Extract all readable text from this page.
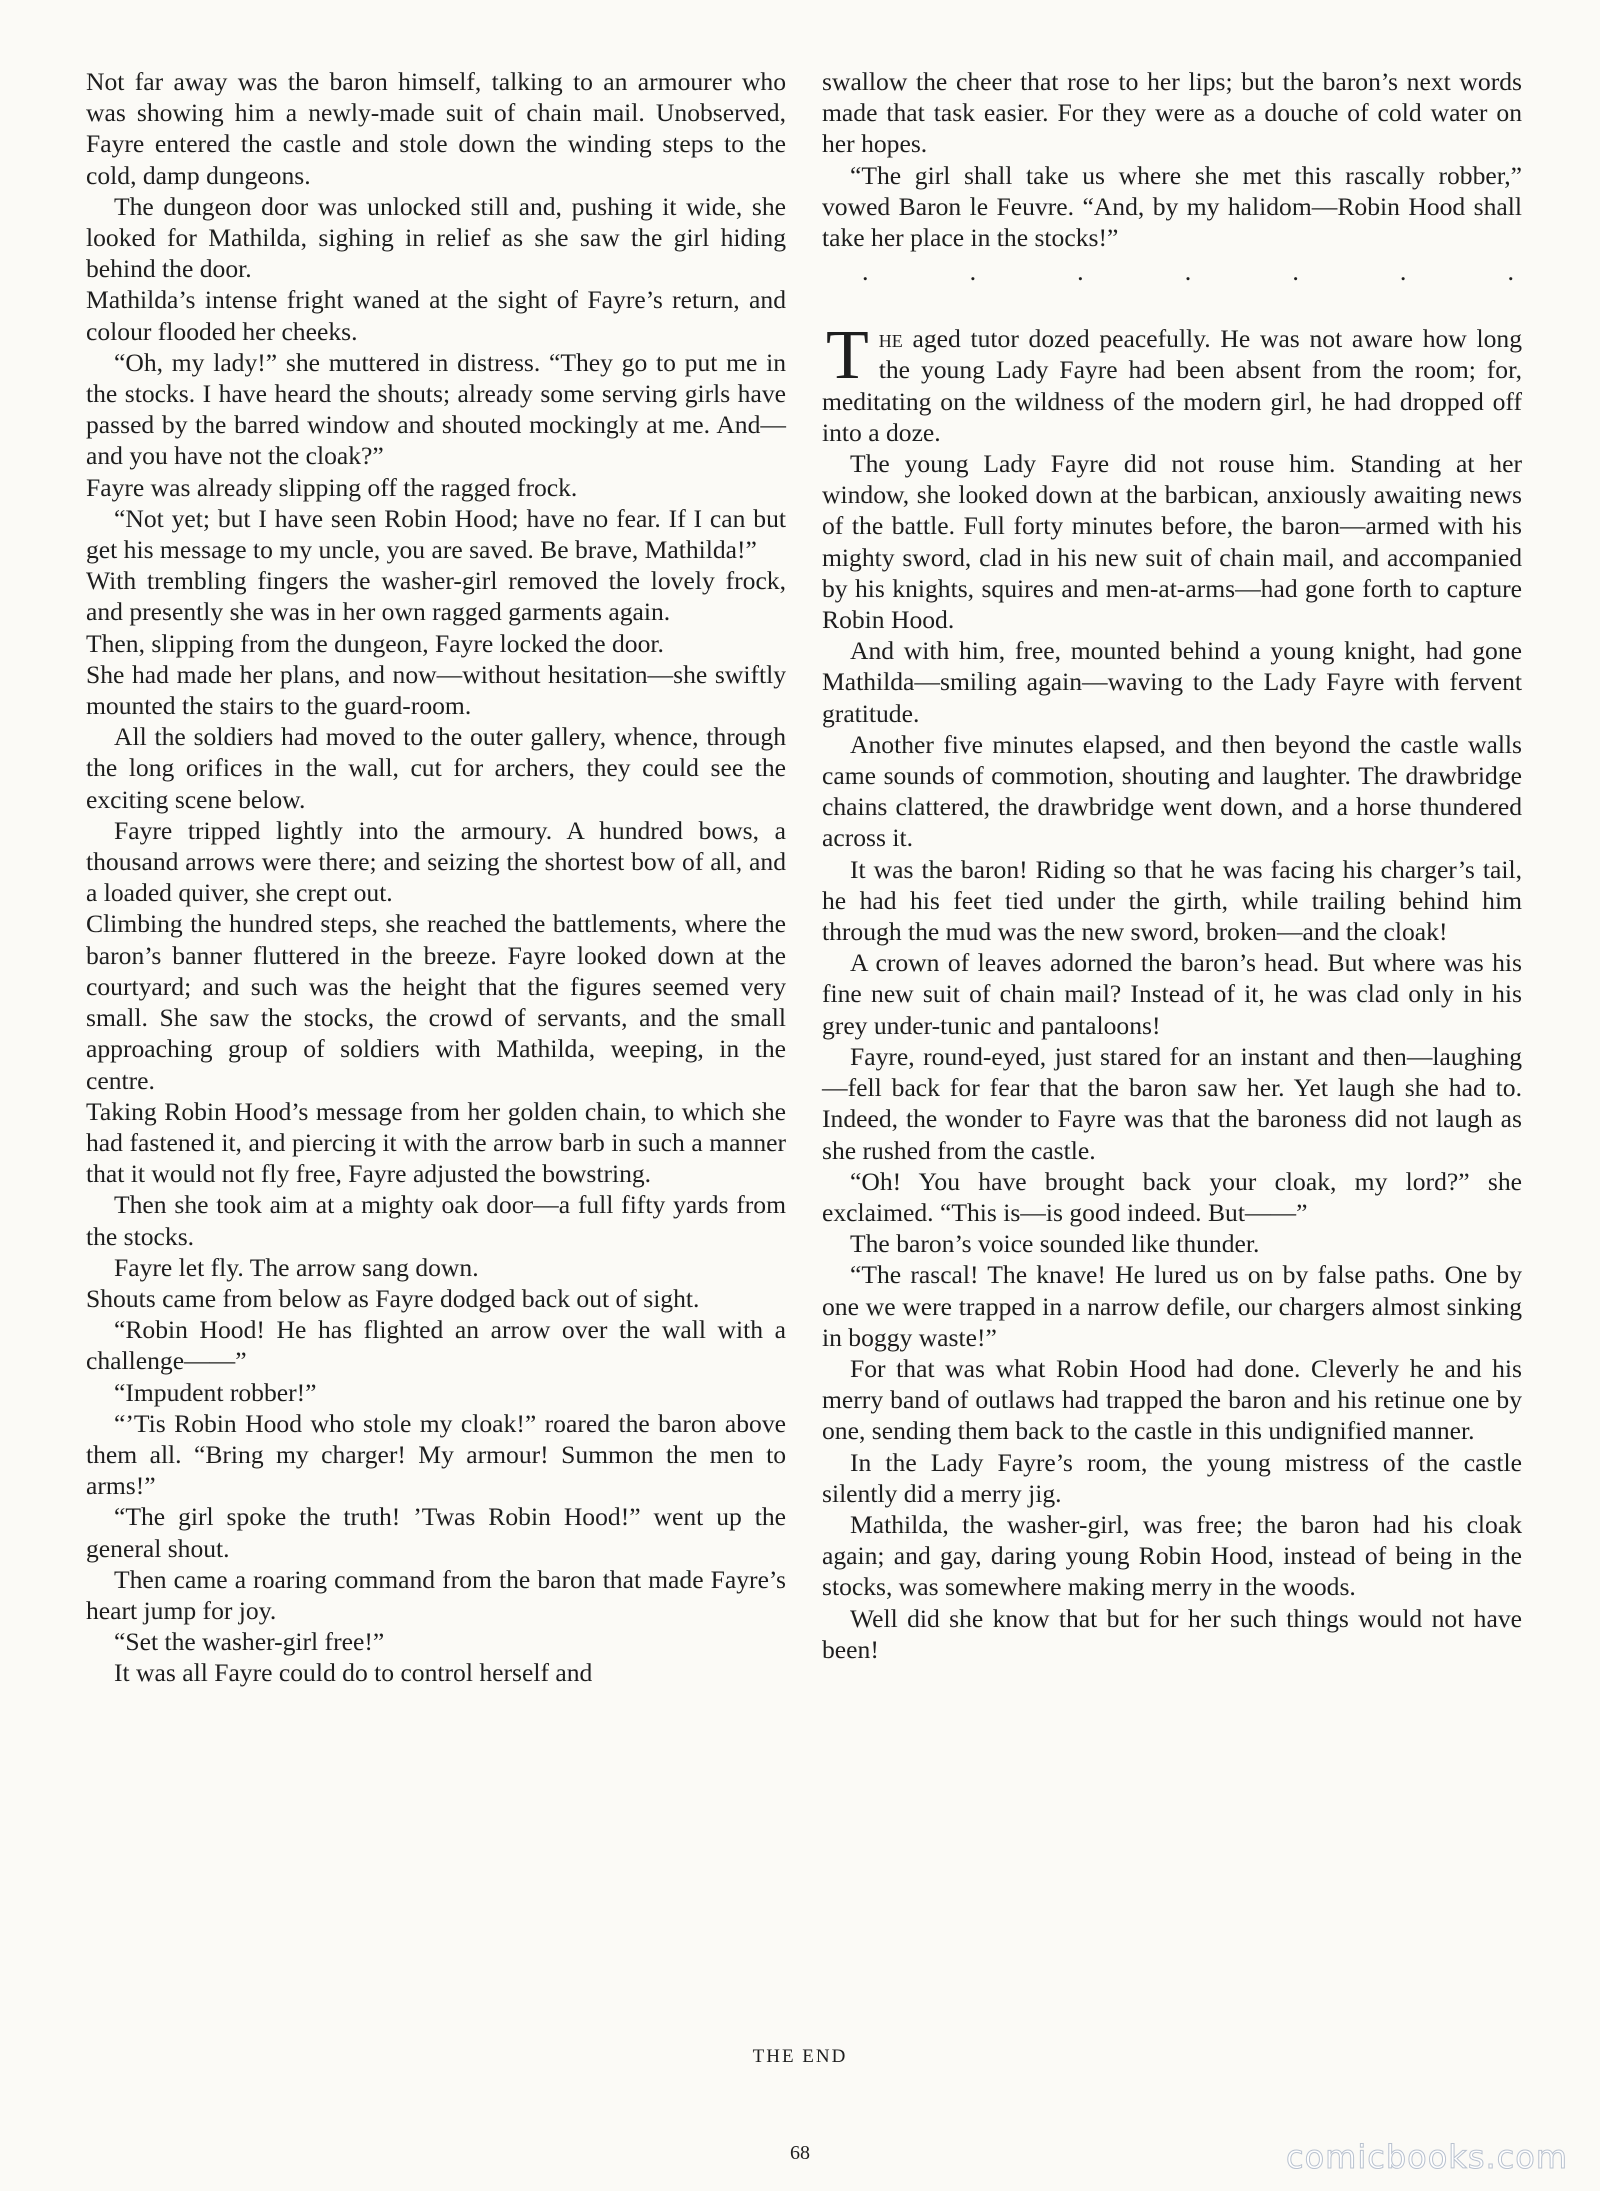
Not far away was the baron himself, talking to an armourer who was showing him a newly-made suit of chain mail. Unobserved, Fayre entered the castle and stole down the winding steps to the cold, damp dungeons.

The dungeon door was unlocked still and, pushing it wide, she looked for Mathilda, sighing in relief as she saw the girl hiding behind the door.

Mathilda’s intense fright waned at the sight of Fayre’s return, and colour flooded her cheeks.

“Oh, my lady!” she muttered in distress. “They go to put me in the stocks. I have heard the shouts; already some serving girls have passed by the barred window and shouted mockingly at me. And—and you have not the cloak?”

Fayre was already slipping off the ragged frock.

“Not yet; but I have seen Robin Hood; have no fear. If I can but get his message to my uncle, you are saved. Be brave, Mathilda!”

With trembling fingers the washer-girl removed the lovely frock, and presently she was in her own ragged garments again.

Then, slipping from the dungeon, Fayre locked the door.

She had made her plans, and now—without hesitation—she swiftly mounted the stairs to the guard-room.

All the soldiers had moved to the outer gallery, whence, through the long orifices in the wall, cut for archers, they could see the exciting scene below.

Fayre tripped lightly into the armoury. A hundred bows, a thousand arrows were there; and seizing the shortest bow of all, and a loaded quiver, she crept out.

Climbing the hundred steps, she reached the battlements, where the baron’s banner fluttered in the breeze. Fayre looked down at the courtyard; and such was the height that the figures seemed very small. She saw the stocks, the crowd of servants, and the small approaching group of soldiers with Mathilda, weeping, in the centre.

Taking Robin Hood’s message from her golden chain, to which she had fastened it, and piercing it with the arrow barb in such a manner that it would not fly free, Fayre adjusted the bowstring.

Then she took aim at a mighty oak door—a full fifty yards from the stocks.

Fayre let fly. The arrow sang down.

Shouts came from below as Fayre dodged back out of sight.

“Robin Hood! He has flighted an arrow over the wall with a challenge——”

“Impudent robber!”

“’Tis Robin Hood who stole my cloak!” roared the baron above them all. “Bring my charger! My armour! Summon the men to arms!”

“The girl spoke the truth! ’Twas Robin Hood!” went up the general shout.

Then came a roaring command from the baron that made Fayre’s heart jump for joy.

“Set the washer-girl free!”

It was all Fayre could do to control herself and

swallow the cheer that rose to her lips; but the baron’s next words made that task easier. For they were as a douche of cold water on her hopes.

“The girl shall take us where she met this rascally robber,” vowed Baron le Feuvre. “And, by my halidom—Robin Hood shall take her place in the stocks!”

.	.	.	.	.	.	.

The aged tutor dozed peacefully. He was not aware how long the young Lady Fayre had been absent from the room; for, meditating on the wildness of the modern girl, he had dropped off into a doze.

The young Lady Fayre did not rouse him. Standing at her window, she looked down at the barbican, anxiously awaiting news of the battle. Full forty minutes before, the baron—armed with his mighty sword, clad in his new suit of chain mail, and accompanied by his knights, squires and men-at-arms—had gone forth to capture Robin Hood.

And with him, free, mounted behind a young knight, had gone Mathilda—smiling again—waving to the Lady Fayre with fervent gratitude.

Another five minutes elapsed, and then beyond the castle walls came sounds of commotion, shouting and laughter. The drawbridge chains clattered, the drawbridge went down, and a horse thundered across it.

It was the baron! Riding so that he was facing his charger’s tail, he had his feet tied under the girth, while trailing behind him through the mud was the new sword, broken—and the cloak!

A crown of leaves adorned the baron’s head. But where was his fine new suit of chain mail? Instead of it, he was clad only in his grey under-tunic and pantaloons!

Fayre, round-eyed, just stared for an instant and then—laughing—fell back for fear that the baron saw her. Yet laugh she had to. Indeed, the wonder to Fayre was that the baroness did not laugh as she rushed from the castle.

“Oh! You have brought back your cloak, my lord?” she exclaimed. “This is—is good indeed. But——”

The baron’s voice sounded like thunder.

“The rascal! The knave! He lured us on by false paths. One by one we were trapped in a narrow defile, our chargers almost sinking in boggy waste!”

For that was what Robin Hood had done. Cleverly he and his merry band of outlaws had trapped the baron and his retinue one by one, sending them back to the castle in this undignified manner.

In the Lady Fayre’s room, the young mistress of the castle silently did a merry jig.

Mathilda, the washer-girl, was free; the baron had his cloak again; and gay, daring young Robin Hood, instead of being in the stocks, was somewhere making merry in the woods.

Well did she know that but for her such things would not have been!

THE END
68	comicbooks.com
